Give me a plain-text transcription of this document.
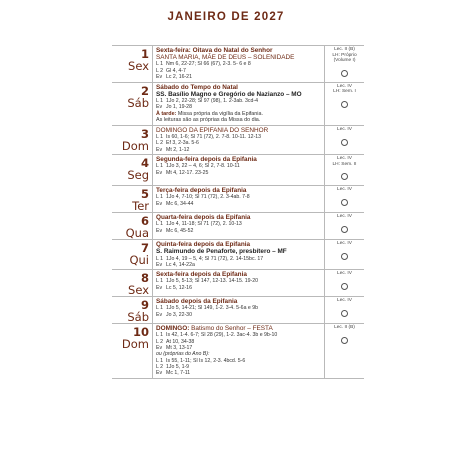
JANEIRO DE 2027
1
Sex
Sexta-feira: Oitava do Natal do Senhor
SANTA MARIA, MÃE DE DEUS – SOLENIDADE
L 1 Nm 6, 22-27; Sl 66 (67), 2-3. 5- 6 e 8
L 2 Gl 4, 4-7
Ev Lc 2, 16-21
Lec. II (B)
LH: Próprio
(Volume I)
2
Sáb
Sábado do Tempo do Natal
SS. Basílio Magno e Gregório de Nazianzo – MO
L 1 1Jo 2, 22-28; Sl 97 (98), 1. 2-3ab. 3cd-4
Ev Jo 1, 19-28
À tarde: Missa própria da vigília da Epifania.
As leituras são as próprias da Missa do dia.
Lec. IV
LH: Sem. I
3
Dom
DOMINGO DA EPIFANIA DO SENHOR
L 1 Is 60, 1-6; Sl 71 (72), 2. 7-8. 10-11. 12-13
L 2 Ef 3, 2-3a. 5-6
Ev Mt 2, 1-12
Lec. IV
4
Seg
Segunda-feira depois da Epifania
L 1 1Jo 3, 22 – 4, 6; Sl 2, 7-8. 10-11
Ev Mt 4, 12-17. 23-25
Lec. IV
LH: Sem. II
5
Ter
Terça-feira depois da Epifania
L 1 1Jo 4, 7-10; Sl 71 (72), 2. 3-4ab. 7-8
Ev Mc 6, 34-44
Lec. IV
6
Qua
Quarta-feira depois da Epifania
L 1 1Jo 4, 11-18; Sl 71 (72), 2. 10-13
Ev Mc 6, 45-52
Lec. IV
7
Qui
Quinta-feira depois da Epifania
S. Raimundo de Penaforte, presbítero – MF
L 1 1Jo 4, 19 – 5, 4; Sl 71 (72), 2. 14-15bc. 17
Ev Lc 4, 14-22a
Lec. IV
8
Sex
Sexta-feira depois da Epifania
L 1 1Jo 5, 5-13; Sl 147, 12-13. 14-15. 19-20
Ev Lc 5, 12-16
Lec. IV
9
Sáb
Sábado depois da Epifania
L 1 1Jo 5, 14-21; Sl 149, 1-2. 3-4. 5-6a e 9b
Ev Jo 3, 22-30
Lec. IV
10
Dom
DOMINGO: Batismo do Senhor – FESTA
L 1 Is 42, 1-4. 6-7; Sl 28 (29), 1-2. 3ac-4. 3b e 9b-10
L 2 At 10, 34-38
Ev Mt 3, 13-17
ou (próprias do Ano B):
L 1 Is 55, 1-11; Sl Is 12, 2-3. 4bcd. 5-6
L 2 1Jo 5, 1-9
Ev Mc 1, 7-11
Lec. II (B)
